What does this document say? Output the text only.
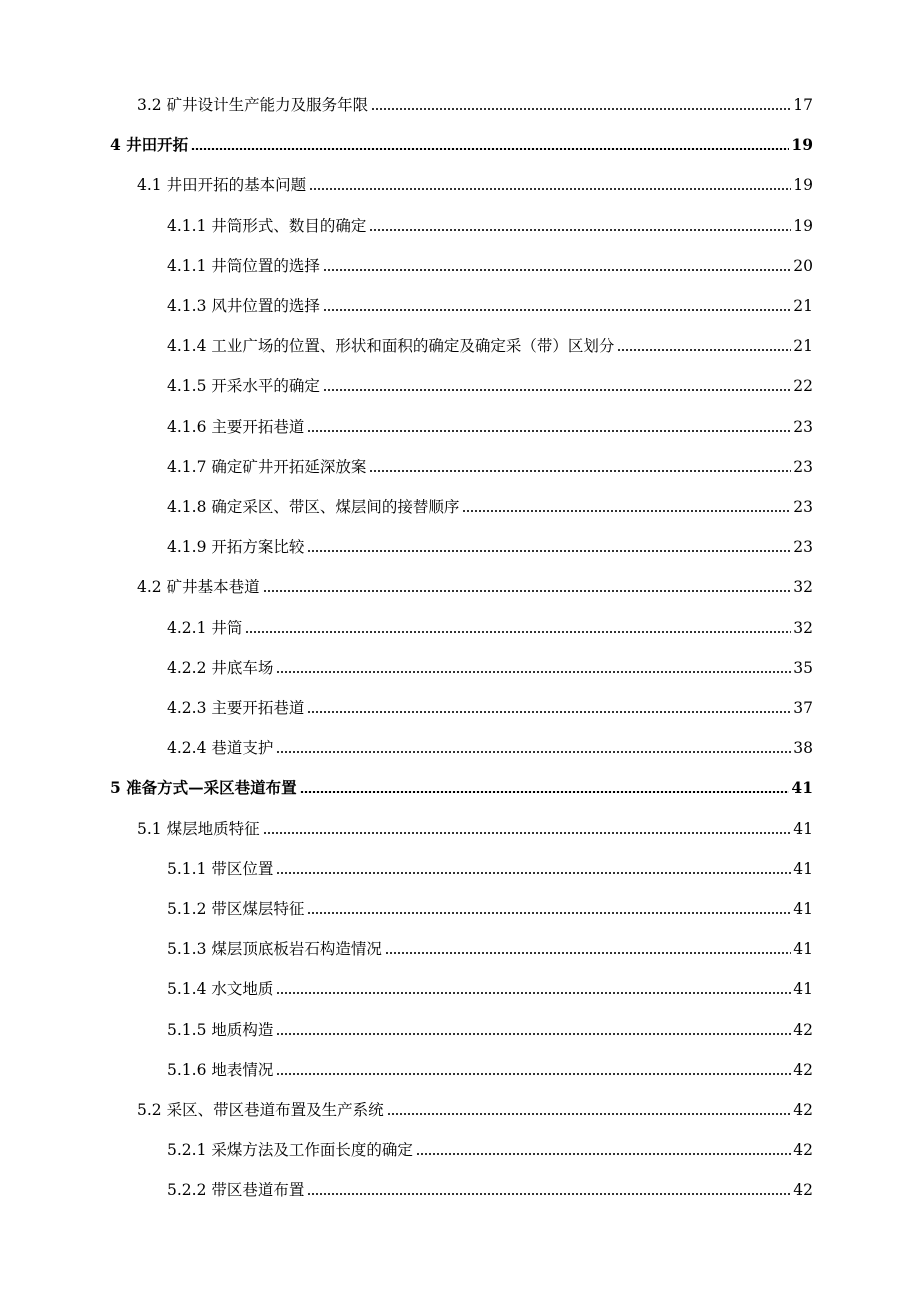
3.2 矿井设计生产能力及服务年限	17
4 井田开拓	19
4.1 井田开拓的基本问题	19
4.1.1 井筒形式、数目的确定	19
4.1.1 井筒位置的选择	20
4.1.3 风井位置的选择	21
4.1.4 工业广场的位置、形状和面积的确定及确定采（带）区划分	21
4.1.5 开采水平的确定	22
4.1.6 主要开拓巷道	23
4.1.7 确定矿井开拓延深放案	23
4.1.8 确定采区、带区、煤层间的接替顺序	23
4.1.9 开拓方案比较	23
4.2 矿井基本巷道	32
4.2.1 井筒	32
4.2.2 井底车场	35
4.2.3 主要开拓巷道	37
4.2.4 巷道支护	38
5 准备方式—采区巷道布置	41
5.1 煤层地质特征	41
5.1.1 带区位置	41
5.1.2 带区煤层特征	41
5.1.3 煤层顶底板岩石构造情况	41
5.1.4 水文地质	41
5.1.5 地质构造	42
5.1.6 地表情况	42
5.2 采区、带区巷道布置及生产系统	42
5.2.1 采煤方法及工作面长度的确定	42
5.2.2 带区巷道布置	42
